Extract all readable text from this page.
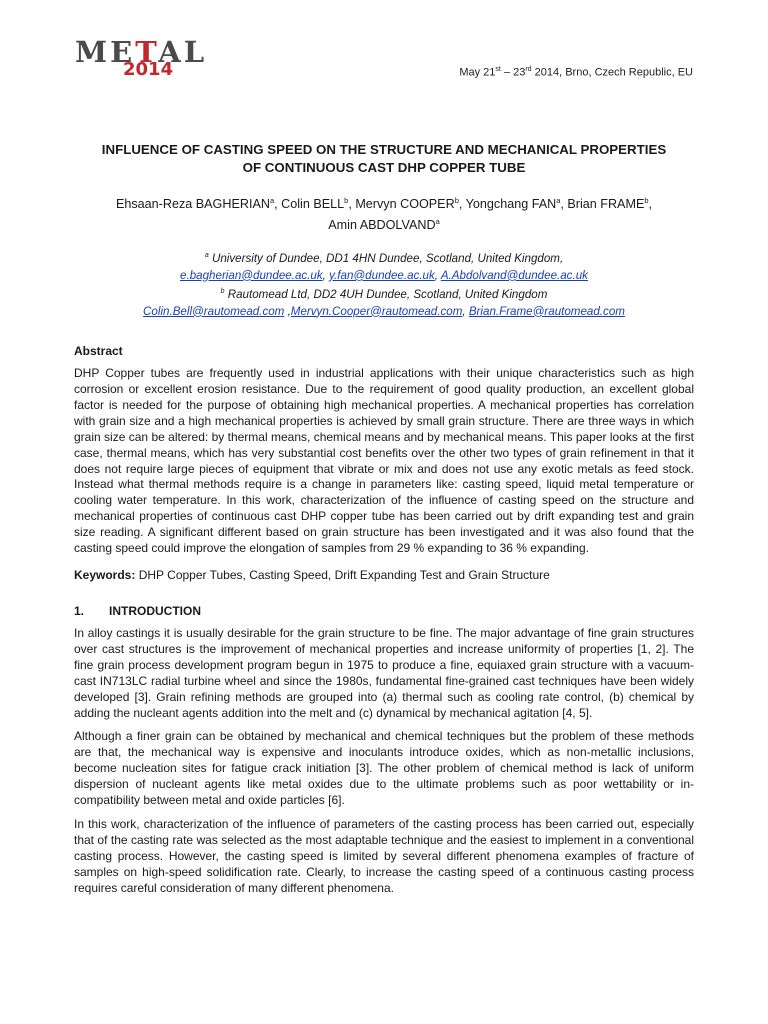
METAL
2014	May 21st – 23rd 2014, Brno, Czech Republic, EU
INFLUENCE OF CASTING SPEED ON THE STRUCTURE AND MECHANICAL PROPERTIES
OF CONTINUOUS CAST DHP COPPER TUBE
Ehsaan-Reza BAGHERIAN$^a$, Colin BELL$^b$, Mervyn COOPER$^b$, Yongchang FAN$^a$, Brian FRAME$^b$,
Amin ABDOLVAND$^a$
$^a$ University of Dundee, DD1 4HN Dundee, Scotland, United Kingdom,
e.bagherian@dundee.ac.uk, y.fan@dundee.ac.uk, A.Abdolvand@dundee.ac.uk
$^b$ Rautomead Ltd, DD2 4UH Dundee, Scotland, United Kingdom
Colin.Bell@rautomead.com ,Mervyn.Cooper@rautomead.com, Brian.Frame@rautomead.com
Abstract

DHP Copper tubes are frequently used in industrial applications with their unique characteristics such as high corrosion or excellent erosion resistance. Due to the requirement of good quality production, an excellent global factor is needed for the purpose of obtaining high mechanical properties. A mechanical properties has correlation with grain size and a high mechanical properties is achieved by small grain structure. There are three ways in which grain size can be altered: by thermal means, chemical means and by mechanical means. This paper looks at the first case, thermal means, which has very substantial cost benefits over the other two types of grain refinement in that it does not require large pieces of equipment that vibrate or mix and does not use any exotic metals as feed stock. Instead what thermal methods require is a change in parameters like: casting speed, liquid metal temperature or cooling water temperature. In this work, characterization of the influence of casting speed on the structure and mechanical properties of continuous cast DHP copper tube has been carried out by drift expanding test and grain size reading. A significant different based on grain structure has been investigated and it was also found that the casting speed could improve the elongation of samples from 29 % expanding to 36 % expanding.

Keywords: DHP Copper Tubes, Casting Speed, Drift Expanding Test and Grain Structure
1.	INTRODUCTION

In alloy castings it is usually desirable for the grain structure to be fine. The major advantage of fine grain structures over cast structures is the improvement of mechanical properties and increase uniformity of properties [1, 2]. The fine grain process development program begun in 1975 to produce a fine, equiaxed grain structure with a vacuum-cast IN713LC radial turbine wheel and since the 1980s, fundamental fine-grained cast techniques have been widely developed [3]. Grain refining methods are grouped into (a) thermal such as cooling rate control, (b) chemical by adding the nucleant agents addition into the melt and (c) dynamical by mechanical agitation [4, 5].

Although a finer grain can be obtained by mechanical and chemical techniques but the problem of these methods are that, the mechanical way is expensive and inoculants introduce oxides, which as non-metallic inclusions, become nucleation sites for fatigue crack initiation [3]. The other problem of chemical method is lack of uniform dispersion of nucleant agents like metal oxides due to the ultimate problems such as poor wettability or in-compatibility between metal and oxide particles [6].

In this work, characterization of the influence of parameters of the casting process has been carried out, especially that of the casting rate was selected as the most adaptable technique and the easiest to implement in a conventional casting process. However, the casting speed is limited by several different phenomena examples of fracture of samples on high-speed solidification rate. Clearly, to increase the casting speed of a continuous casting process requires careful consideration of many different phenomena.
